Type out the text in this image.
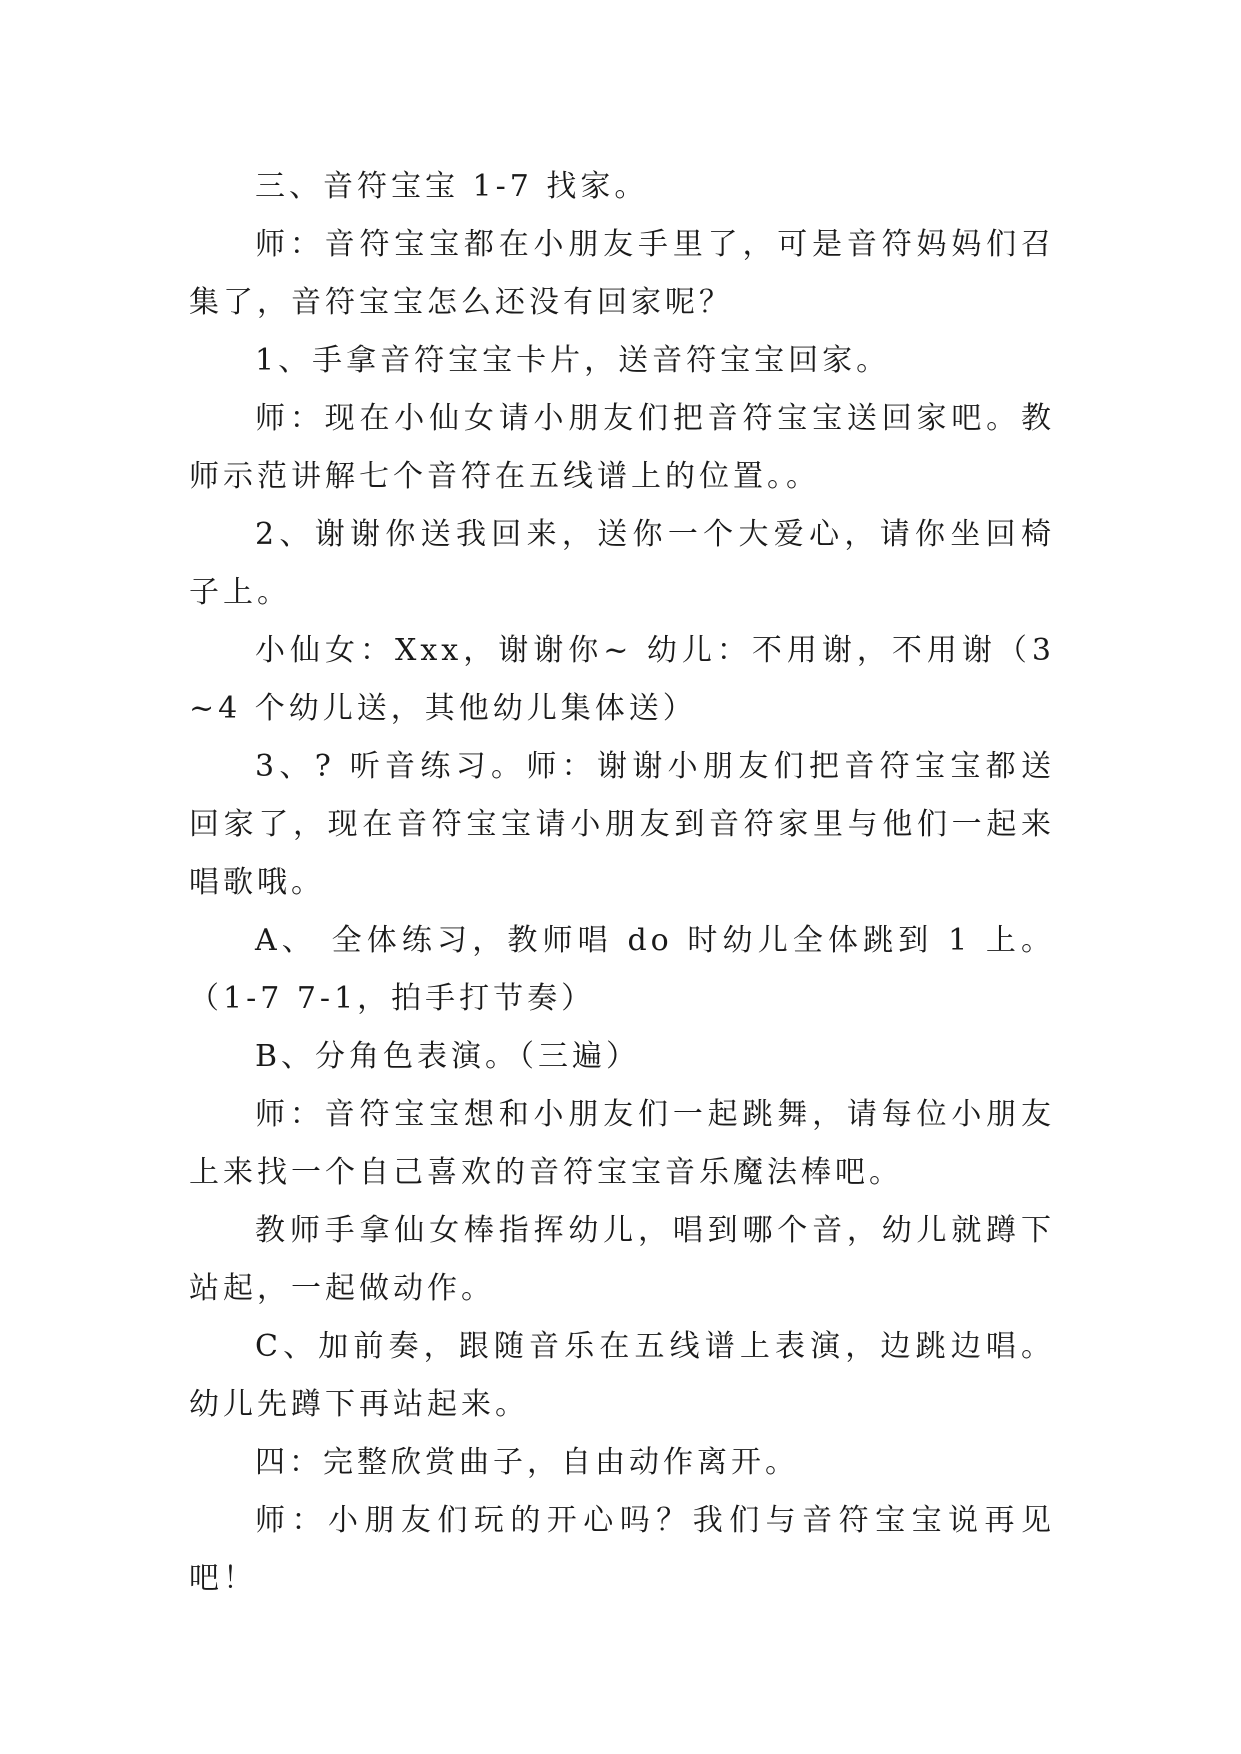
三、音符宝宝 1-7 找家。

师：音符宝宝都在小朋友手里了，可是音符妈妈们召集了，音符宝宝怎么还没有回家呢？

1、手拿音符宝宝卡片，送音符宝宝回家。

师：现在小仙女请小朋友们把音符宝宝送回家吧。教师示范讲解七个音符在五线谱上的位置。。

2、谢谢你送我回来，送你一个大爱心，请你坐回椅子上。

小仙女：Xxx，谢谢你~ 幼儿：不用谢，不用谢（3~4 个幼儿送，其他幼儿集体送）

3、? 听音练习。师：谢谢小朋友们把音符宝宝都送回家了，现在音符宝宝请小朋友到音符家里与他们一起来唱歌哦。

A、 全体练习，教师唱 do 时幼儿全体跳到 1 上。（1-7 7-1，拍手打节奏）

B、分角色表演。（三遍）

师：音符宝宝想和小朋友们一起跳舞，请每位小朋友上来找一个自己喜欢的音符宝宝音乐魔法棒吧。

教师手拿仙女棒指挥幼儿，唱到哪个音，幼儿就蹲下站起，一起做动作。

C、加前奏，跟随音乐在五线谱上表演，边跳边唱。幼儿先蹲下再站起来。

四：完整欣赏曲子，自由动作离开。

师：小朋友们玩的开心吗？我们与音符宝宝说再见吧！
